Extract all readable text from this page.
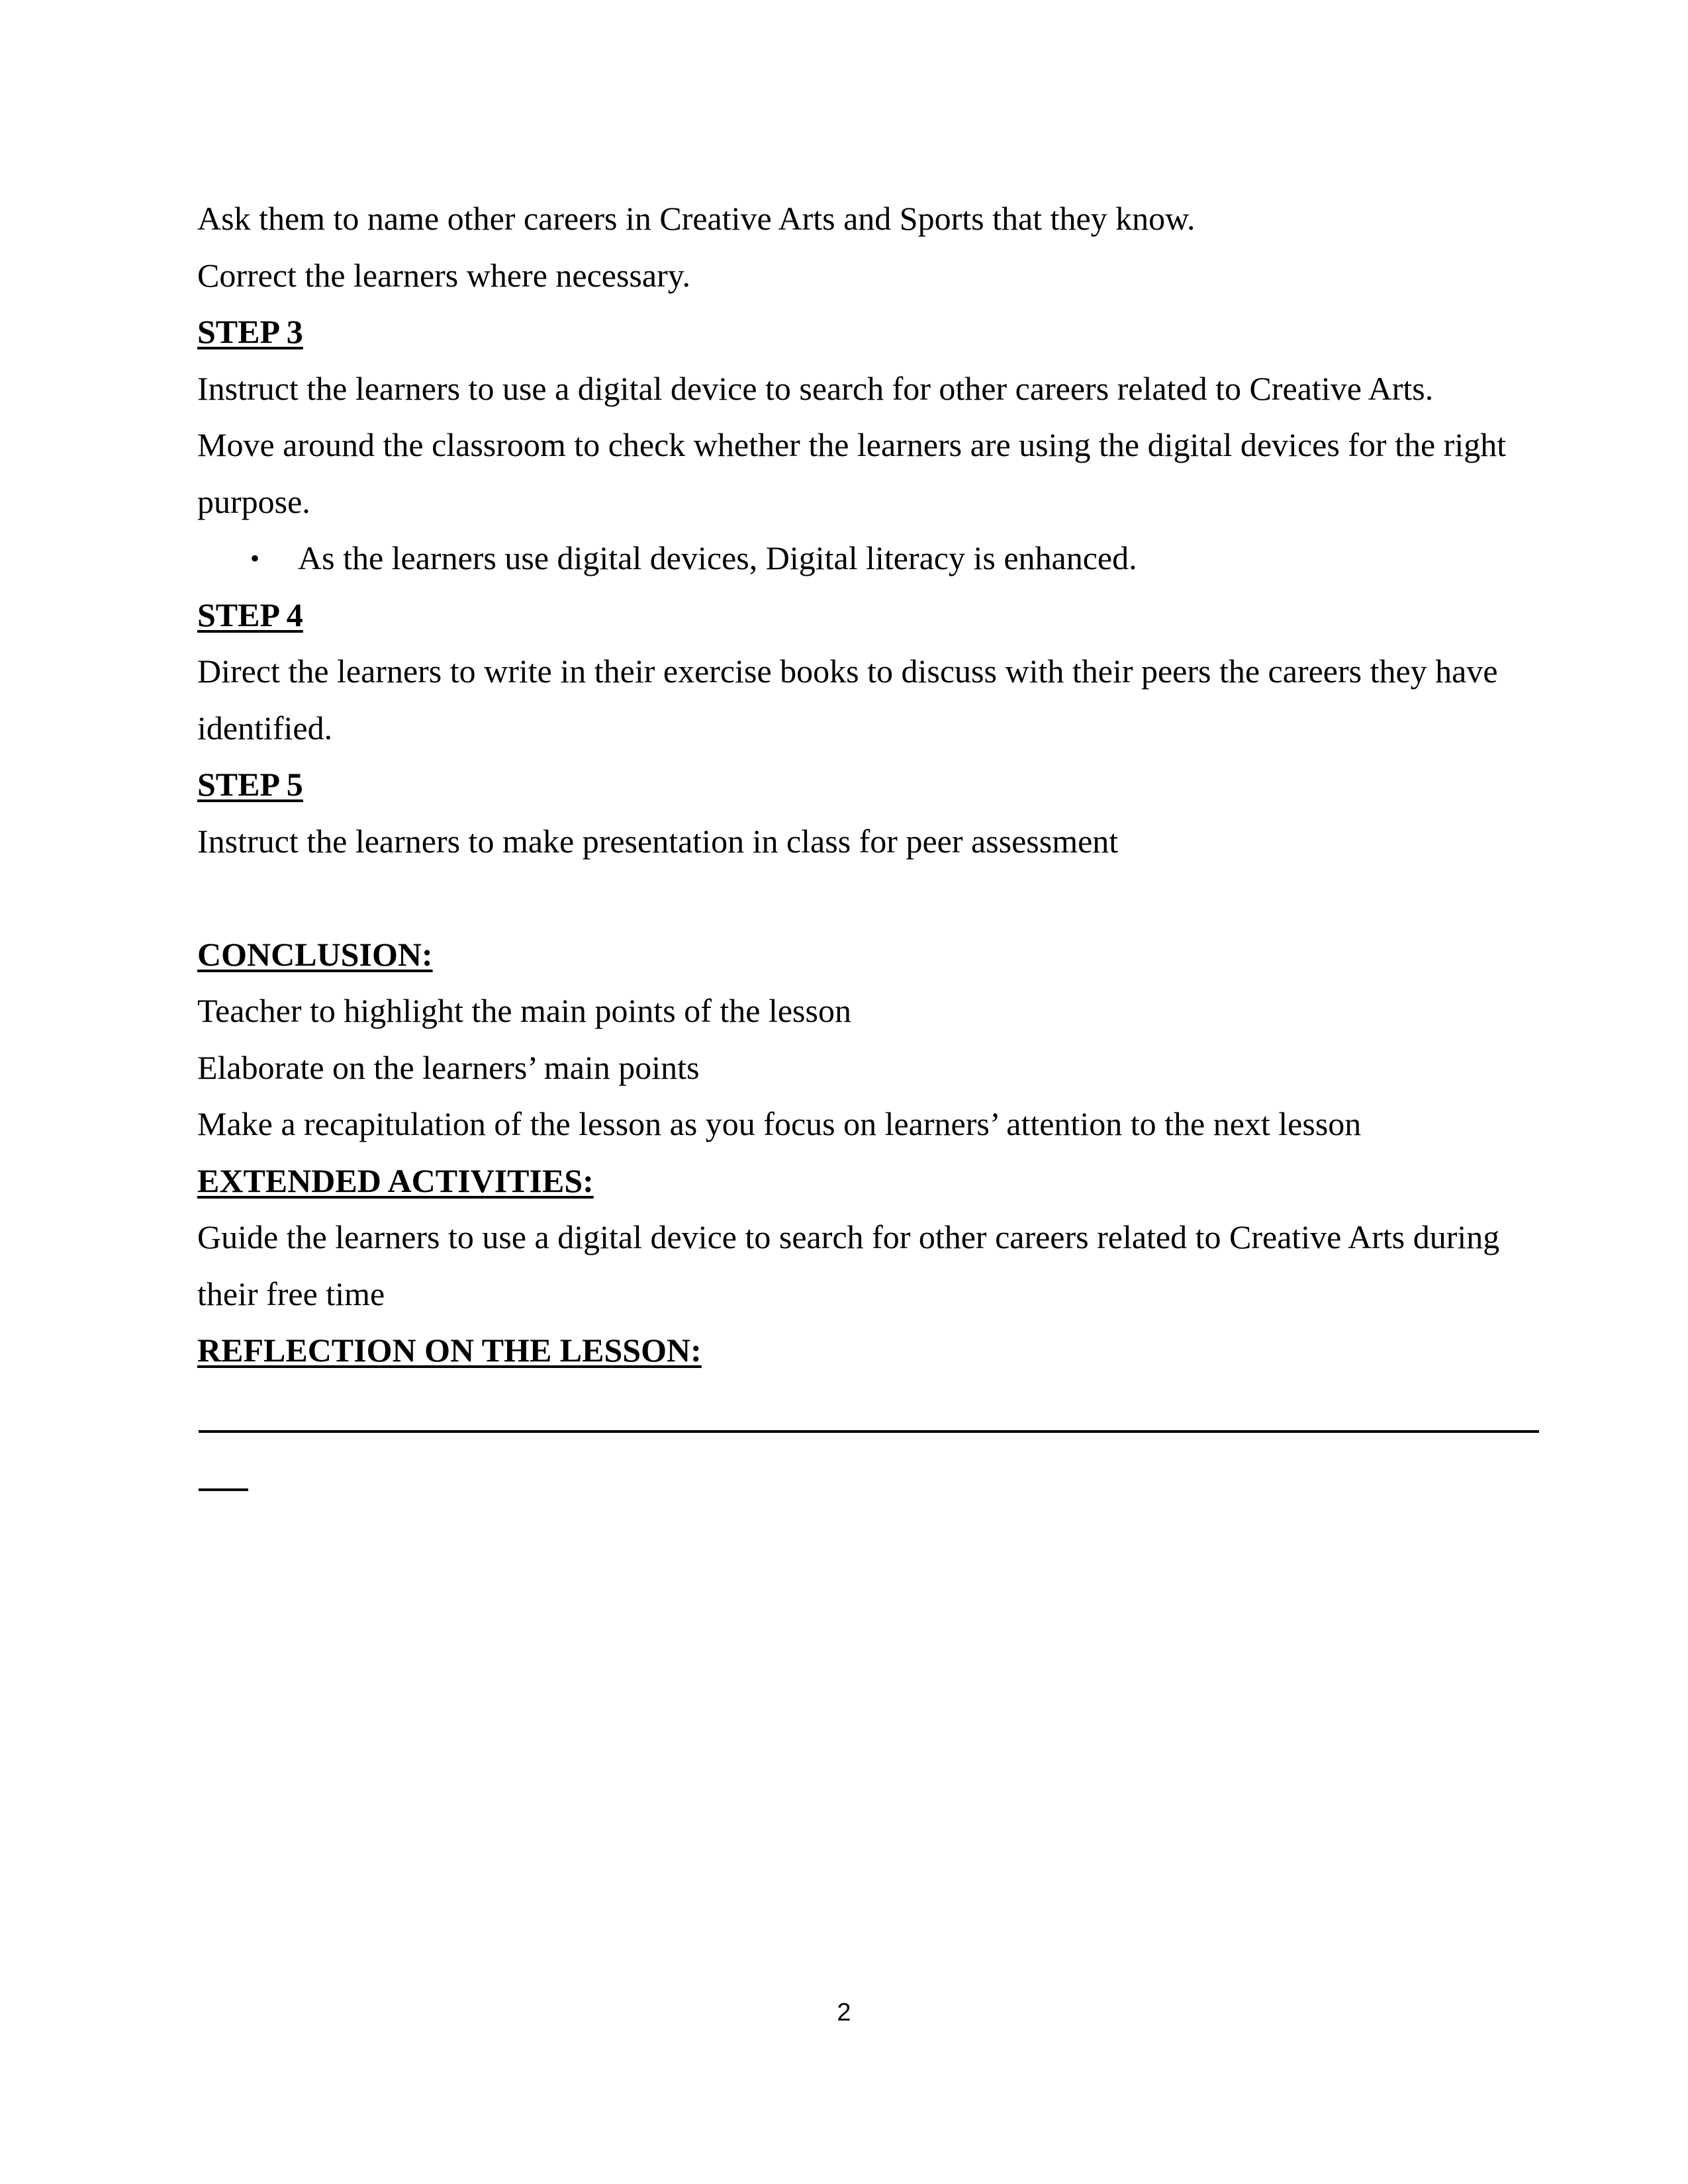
Ask them to name other careers in Creative Arts and Sports that they know.
Correct the learners where necessary.
STEP 3
Instruct the learners to use a digital device to search for other careers related to Creative Arts.
Move around the classroom to check whether the learners are using the digital devices for the right
purpose.
• As the learners use digital devices, Digital literacy is enhanced.
STEP 4
Direct the learners to write in their exercise books to discuss with their peers the careers they have
identified.
STEP 5
Instruct the learners to make presentation in class for peer assessment
CONCLUSION:
Teacher to highlight the main points of the lesson
Elaborate on the learners’ main points
Make a recapitulation of the lesson as you focus on learners’ attention to the next lesson
EXTENDED ACTIVITIES:
Guide the learners to use a digital device to search for other careers related to Creative Arts during
their free time
REFLECTION ON THE LESSON:
2
